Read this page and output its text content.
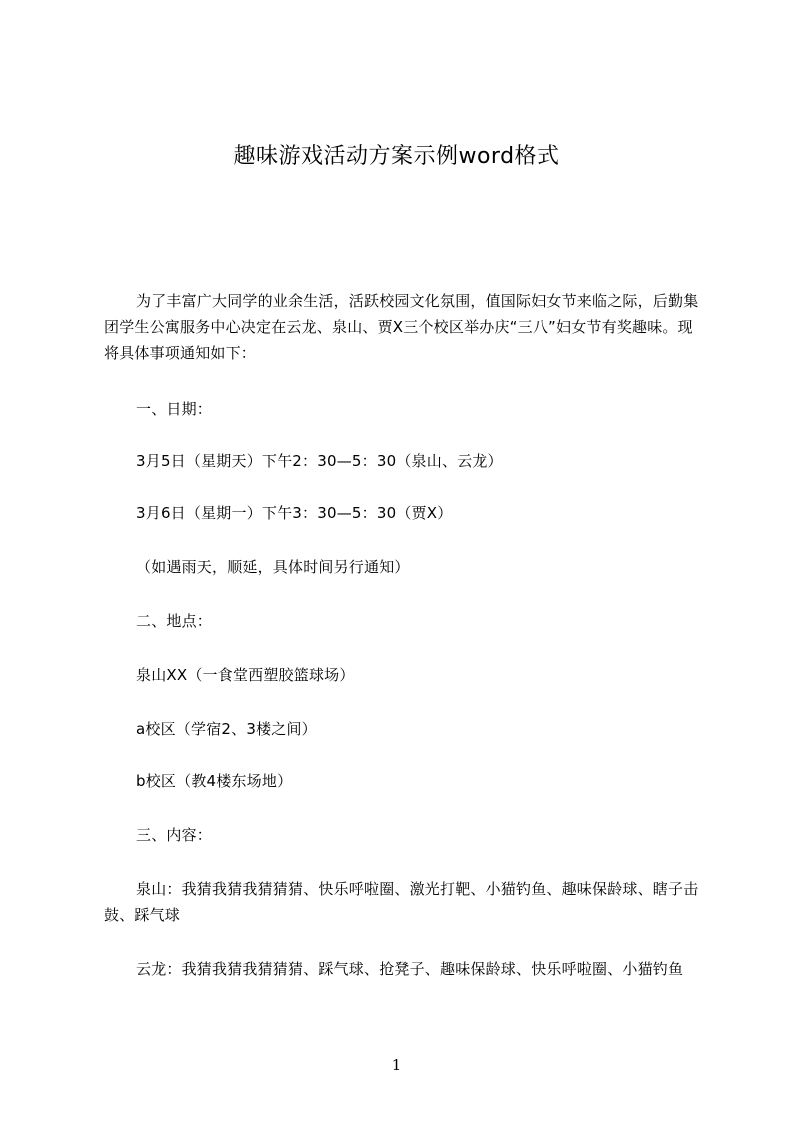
趣味游戏活动方案示例word格式
为了丰富广大同学的业余生活，活跃校园文化氛围，值国际妇女节来临之际，后勤集团学生公寓服务中心决定在云龙、泉山、贾X三个校区举办庆“三八”妇女节有奖趣味。现将具体事项通知如下：
一、日期：
3月5日（星期天）下午2：30—5：30（泉山、云龙）
3月6日（星期一）下午3：30—5：30（贾X）
（如遇雨天，顺延，具体时间另行通知）
二、地点：
泉山XX（一食堂西塑胶篮球场）
a校区（学宿2、3楼之间）
b校区（教4楼东场地）
三、内容：
泉山：我猜我猜我猜猜猜、快乐呼啦圈、激光打靶、小猫钓鱼、趣味保龄球、瞎子击鼓、踩气球
云龙：我猜我猜我猜猜猜、踩气球、抢凳子、趣味保龄球、快乐呼啦圈、小猫钓鱼
1
